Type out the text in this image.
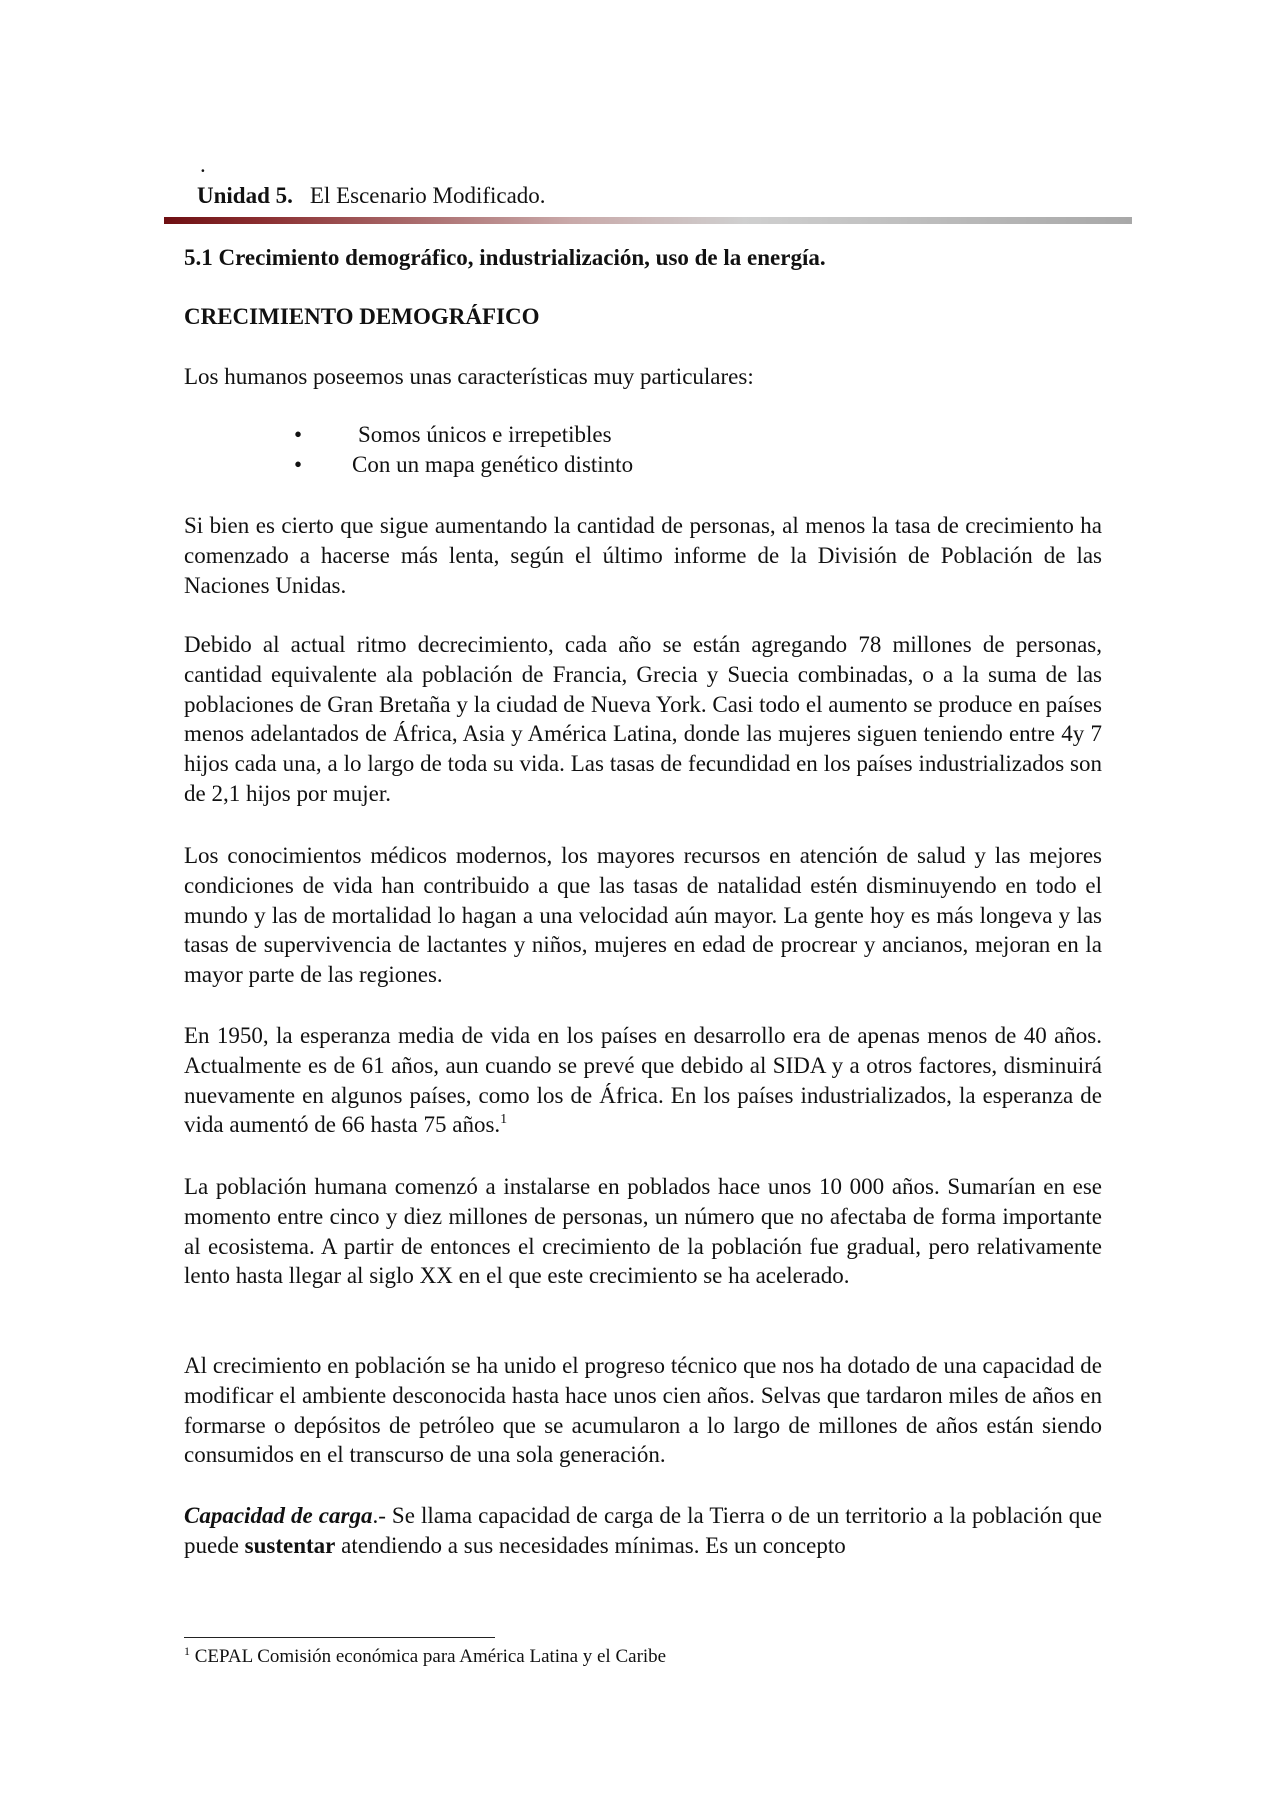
.
Unidad 5. El Escenario Modificado.

5.1 Crecimiento demográfico, industrialización, uso de la energía.

CRECIMIENTO DEMOGRÁFICO

Los humanos poseemos unas características muy particulares:

• Somos únicos e irrepetibles
• Con un mapa genético distinto

Si bien es cierto que sigue aumentando la cantidad de personas, al menos la tasa de crecimiento ha comenzado a hacerse más lenta, según el último informe de la División de Población de las Naciones Unidas.

Debido al actual ritmo decrecimiento, cada año se están agregando 78 millones de personas, cantidad equivalente ala población de Francia, Grecia y Suecia combinadas, o a la suma de las poblaciones de Gran Bretaña y la ciudad de Nueva York. Casi todo el aumento se produce en países menos adelantados de África, Asia y América Latina, donde las mujeres siguen teniendo entre 4y 7 hijos cada una, a lo largo de toda su vida. Las tasas de fecundidad en los países industrializados son de 2,1 hijos por mujer.

Los conocimientos médicos modernos, los mayores recursos en atención de salud y las mejores condiciones de vida han contribuido a que las tasas de natalidad estén disminuyendo en todo el mundo y las de mortalidad lo hagan a una velocidad aún mayor. La gente hoy es más longeva y las tasas de supervivencia de lactantes y niños, mujeres en edad de procrear y ancianos, mejoran en la mayor parte de las regiones.

En 1950, la esperanza media de vida en los países en desarrollo era de apenas menos de 40 años. Actualmente es de 61 años, aun cuando se prevé que debido al SIDA y a otros factores, disminuirá nuevamente en algunos países, como los de África. En los países industrializados, la esperanza de vida aumentó de 66 hasta 75 años.$^1$

La población humana comenzó a instalarse en poblados hace unos 10 000 años. Sumarían en ese momento entre cinco y diez millones de personas, un número que no afectaba de forma importante al ecosistema. A partir de entonces el crecimiento de la población fue gradual, pero relativamente lento hasta llegar al siglo XX en el que este crecimiento se ha acelerado.

Al crecimiento en población se ha unido el progreso técnico que nos ha dotado de una capacidad de modificar el ambiente desconocida hasta hace unos cien años. Selvas que tardaron miles de años en formarse o depósitos de petróleo que se acumularon a lo largo de millones de años están siendo consumidos en el transcurso de una sola generación.

Capacidad de carga.- Se llama capacidad de carga de la Tierra o de un territorio a la población que puede sustentar atendiendo a sus necesidades mínimas. Es un concepto

$^1$ CEPAL Comisión económica para América Latina y el Caribe
